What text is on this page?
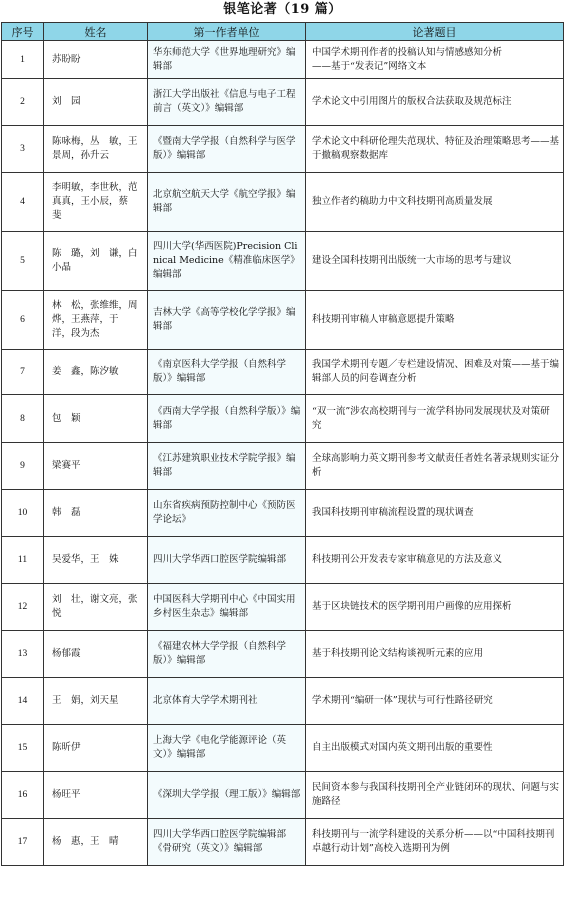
银笔论著（19 篇）
序号	姓名	第一作者单位	论著题目
1	苏盼盼	华东师范大学《世界地理研究》编辑部	中国学术期刊作者的投稿认知与情感感知分析
——基于“发表记”网络文本
2	刘　园	浙江大学出版社《信息与电子工程前言（英文）》编辑部	学术论文中引用图片的版权合法获取及规范标注
3	陈咏梅，丛　敏，王景周，孙升云	《暨南大学学报（自然科学与医学版）》编辑部	学术论文中科研伦理失范现状、特征及治理策略思考——基于撤稿观察数据库
4	李明敏，李世秋，范真真，王小辰，蔡　斐	北京航空航天大学《航空学报》编辑部	独立作者约稿助力中文科技期刊高质量发展
5	陈　璐，刘　谦，白小晶	四川大学(华西医院)Precision Clinical Medicine《精准临床医学》编辑部	建设全国科技期刊出版统一大市场的思考与建议
6	林　松，张维维，周　烨，王燕萍，于　洋，段为杰	吉林大学《高等学校化学学报》编辑部	科技期刊审稿人审稿意愿提升策略
7	姜　鑫，陈汐敏	《南京医科大学学报（自然科学版）》编辑部	我国学术期刊专题／专栏建设情况、困难及对策——基于编辑部人员的问卷调查分析
8	包　颖	《西南大学学报（自然科学版）》编辑部	“双一流”涉农高校期刊与一流学科协同发展现状及对策研究
9	梁赛平	《江苏建筑职业技术学院学报》编辑部	全球高影响力英文期刊参考文献责任者姓名著录规则实证分析
10	韩　磊	山东省疾病预防控制中心《预防医学论坛》	我国科技期刊审稿流程设置的现状调查
11	吴爱华，王　姝	四川大学华西口腔医学院编辑部	科技期刊公开发表专家审稿意见的方法及意义
12	刘　壮，谢文亮，张　悦	中国医科大学期刊中心《中国实用乡村医生杂志》编辑部	基于区块链技术的医学期刊用户画像的应用探析
13	杨郁霞	《福建农林大学学报（自然科学版）》编辑部	基于科技期刊论文结构谈视听元素的应用
14	王　娟，刘天星	北京体育大学学术期刊社	学术期刊“编研一体”现状与可行性路径研究
15	陈昕伊	上海大学《电化学能源评论（英文）》编辑部	自主出版模式对国内英文期刊出版的重要性
16	杨旺平	《深圳大学学报（理工版）》编辑部	民间资本参与我国科技期刊全产业链闭环的现状、问题与实施路径
17	杨　惠，王　晴	四川大学华西口腔医学院编辑部《骨研究（英文）》编辑部	科技期刊与一流学科建设的关系分析——以“中国科技期刊卓越行动计划”高校入选期刊为例
